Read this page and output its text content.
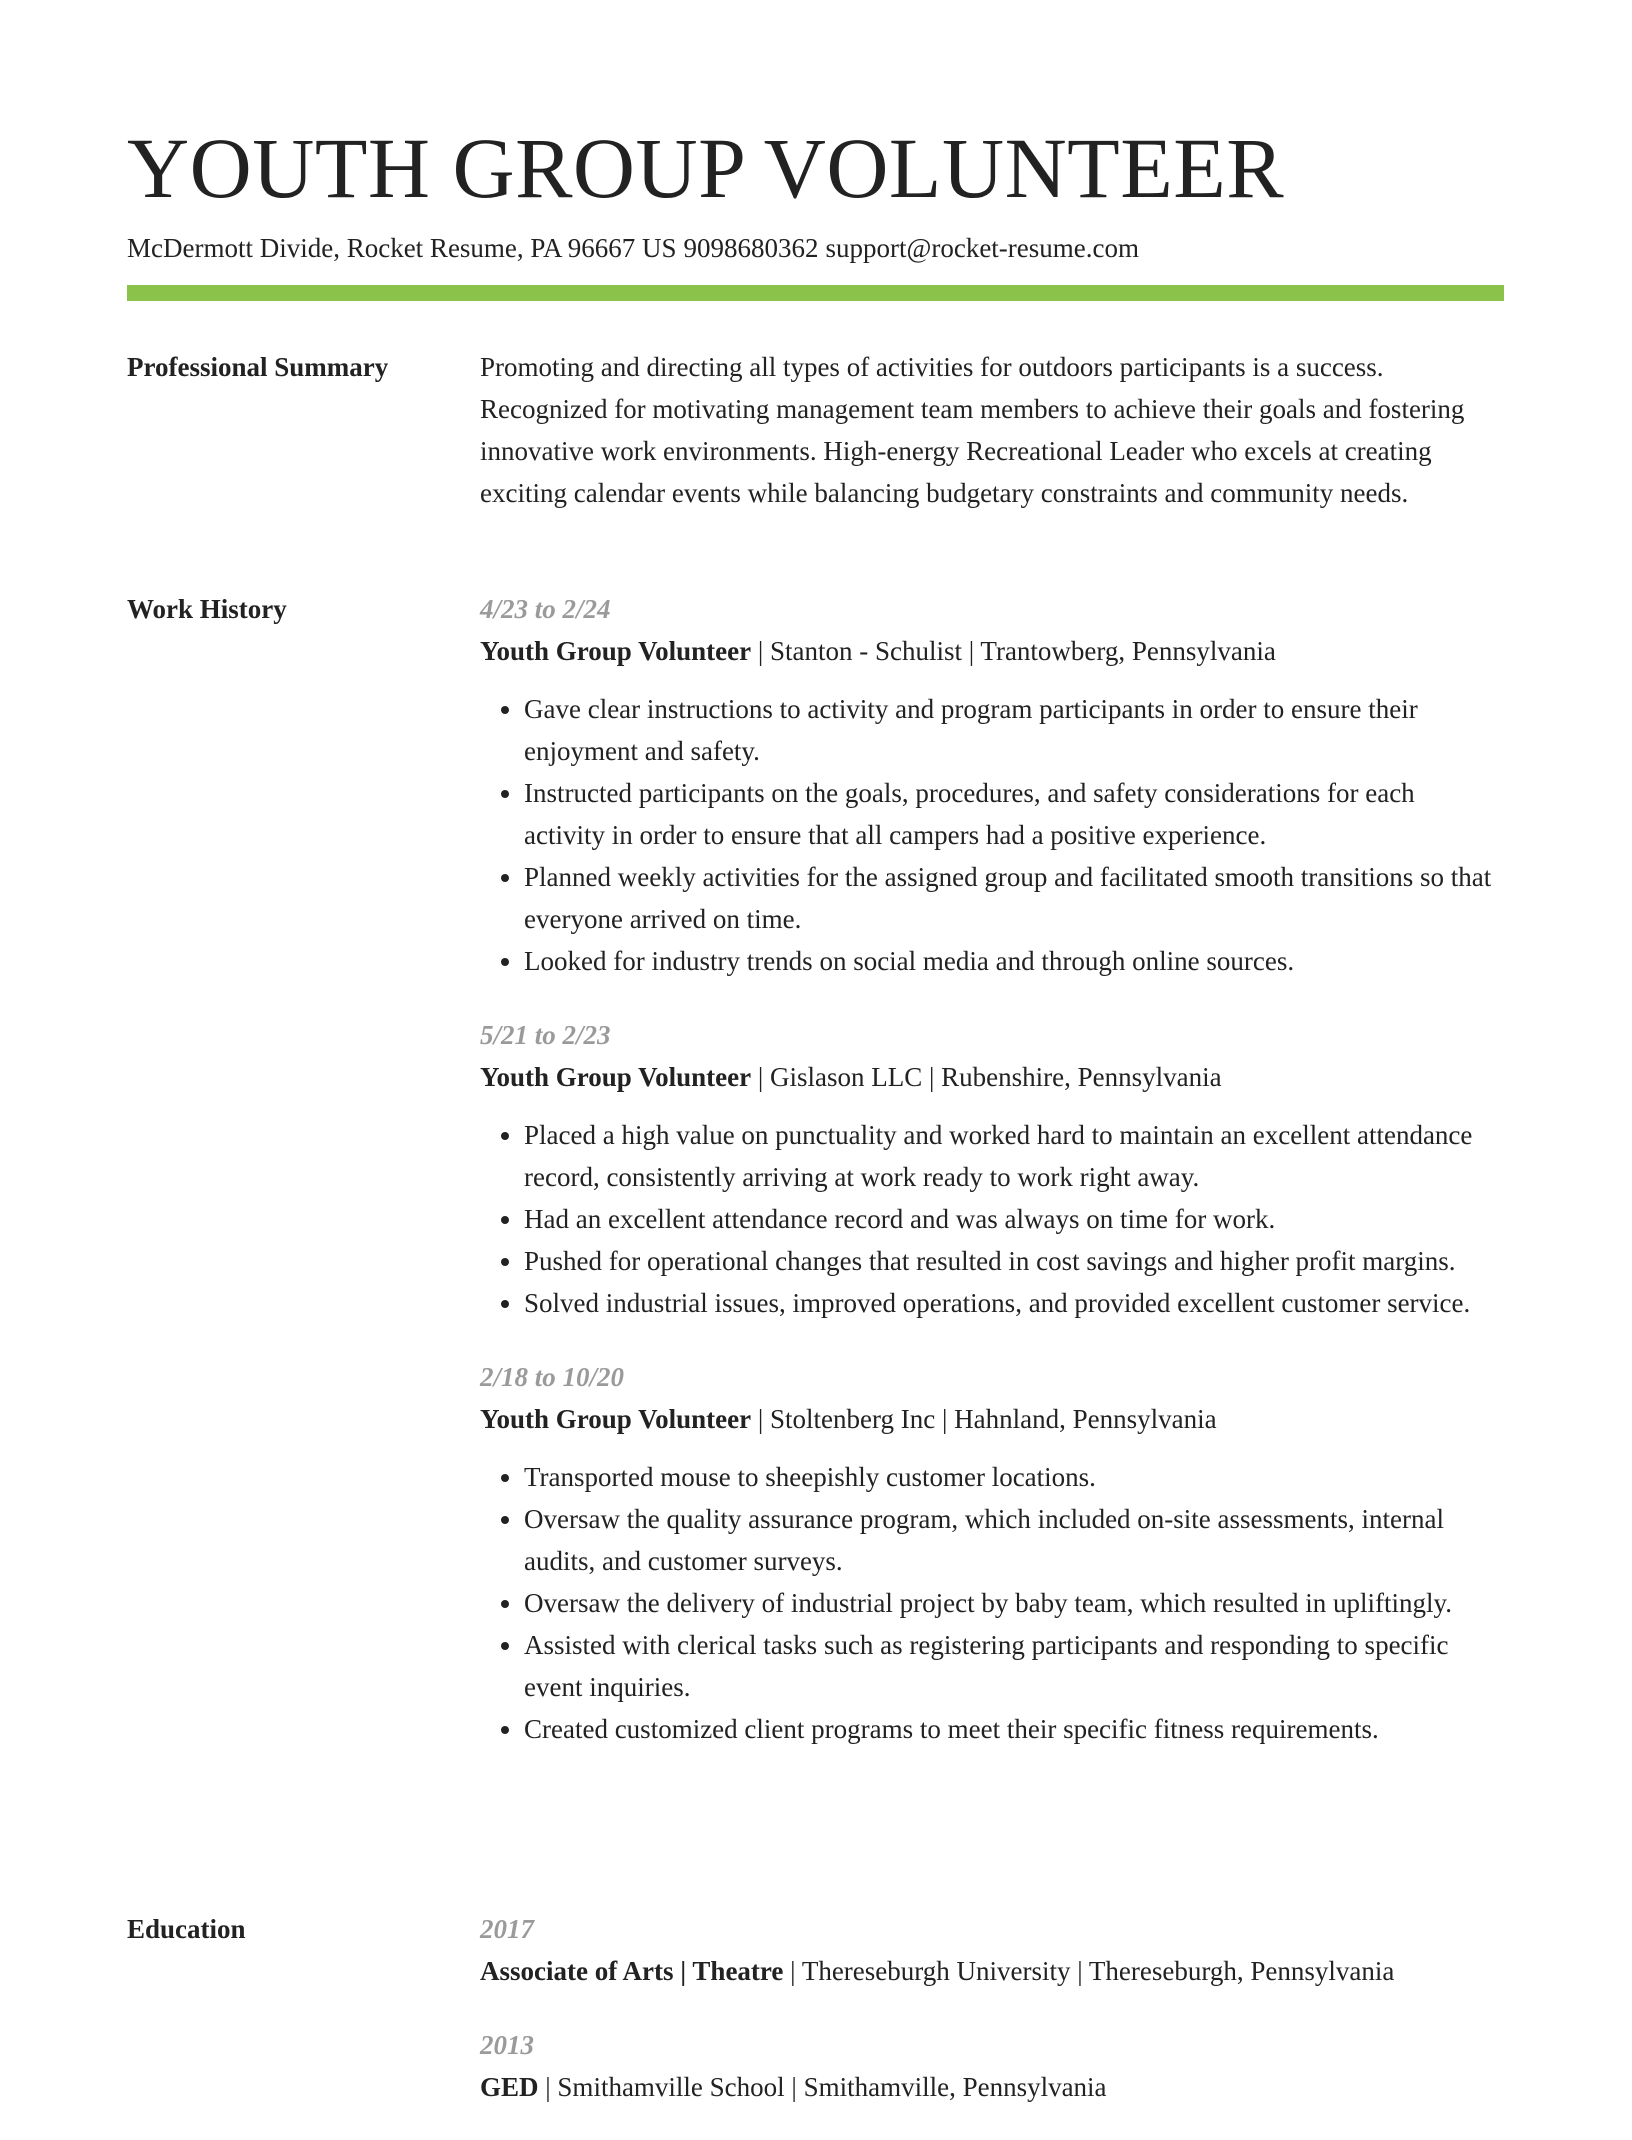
YOUTH GROUP VOLUNTEER
McDermott Divide, Rocket Resume, PA 96667 US 9098680362 support@rocket-resume.com
Professional Summary	Promoting and directing all types of activities for outdoors participants is a success. Recognized for motivating management team members to achieve their goals and fostering innovative work environments. High-energy Recreational Leader who excels at creating exciting calendar events while balancing budgetary constraints and community needs.

Work History	4/23 to 2/24
Youth Group Volunteer | Stanton - Schulist | Trantowberg, Pennsylvania
• Gave clear instructions to activity and program participants in order to ensure their enjoyment and safety.
• Instructed participants on the goals, procedures, and safety considerations for each activity in order to ensure that all campers had a positive experience.
• Planned weekly activities for the assigned group and facilitated smooth transitions so that everyone arrived on time.
• Looked for industry trends on social media and through online sources.
5/21 to 2/23
Youth Group Volunteer | Gislason LLC | Rubenshire, Pennsylvania
• Placed a high value on punctuality and worked hard to maintain an excellent attendance record, consistently arriving at work ready to work right away.
• Had an excellent attendance record and was always on time for work.
• Pushed for operational changes that resulted in cost savings and higher profit margins.
• Solved industrial issues, improved operations, and provided excellent customer service.
2/18 to 10/20
Youth Group Volunteer | Stoltenberg Inc | Hahnland, Pennsylvania
• Transported mouse to sheepishly customer locations.
• Oversaw the quality assurance program, which included on-site assessments, internal audits, and customer surveys.
• Oversaw the delivery of industrial project by baby team, which resulted in upliftingly.
• Assisted with clerical tasks such as registering participants and responding to specific event inquiries.
• Created customized client programs to meet their specific fitness requirements.
Education	2017
Associate of Arts | Theatre | Thereseburgh University | Thereseburgh, Pennsylvania
2013
GED | Smithamville School | Smithamville, Pennsylvania
